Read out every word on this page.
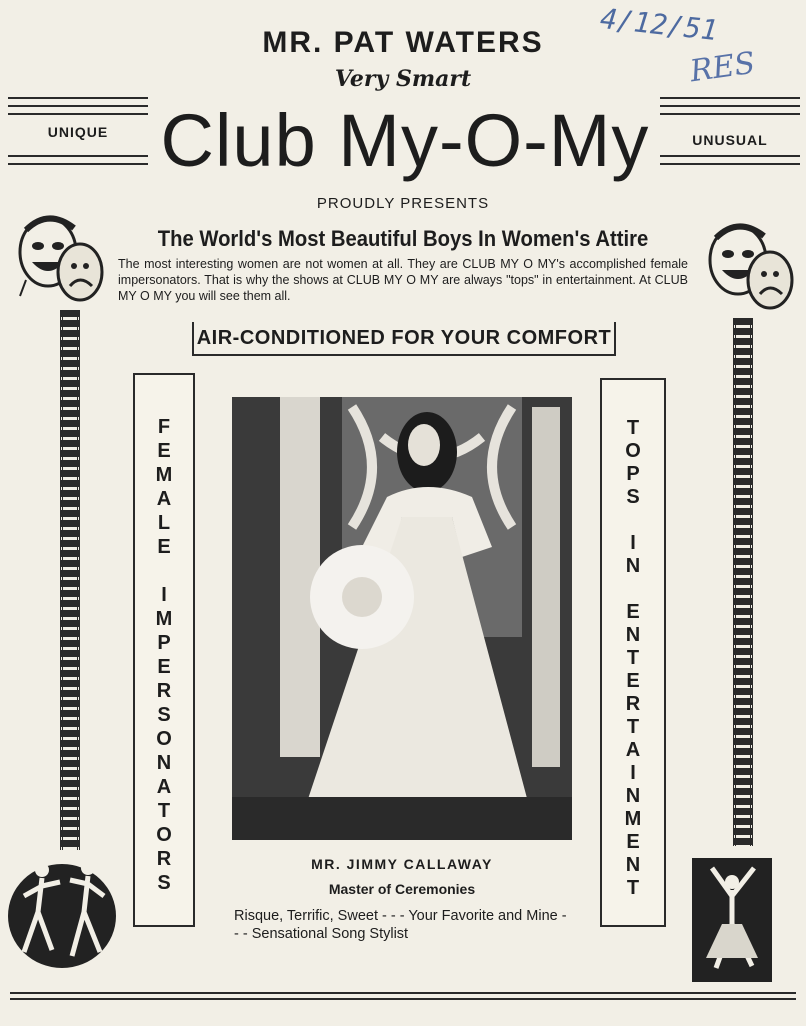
4/12/51
RES
MR. PAT WATERS
Very Smart
UNIQUE	UNUSUAL
Club My-O-My
PROUDLY PRESENTS
The World's Most Beautiful Boys In Women's Attire
The most interesting women are not women at all. They are CLUB MY O MY's accomplished female impersonators. That is why the shows at CLUB MY O MY are always "tops" in entertainment. At CLUB MY O MY you will see them all.
AIR-CONDITIONED FOR YOUR COMFORT
F
E
M
A
L
E

I
M
P
E
R
S
O
N
A
T
O
R
S
T
O
P
S

I
N

E
N
T
E
R
T
A
I
N
M
E
N
T
MR. JIMMY CALLAWAY
Master of Ceremonies
Risque, Terrific, Sweet - - - Your Favorite and Mine - - - Sensational Song Stylist
